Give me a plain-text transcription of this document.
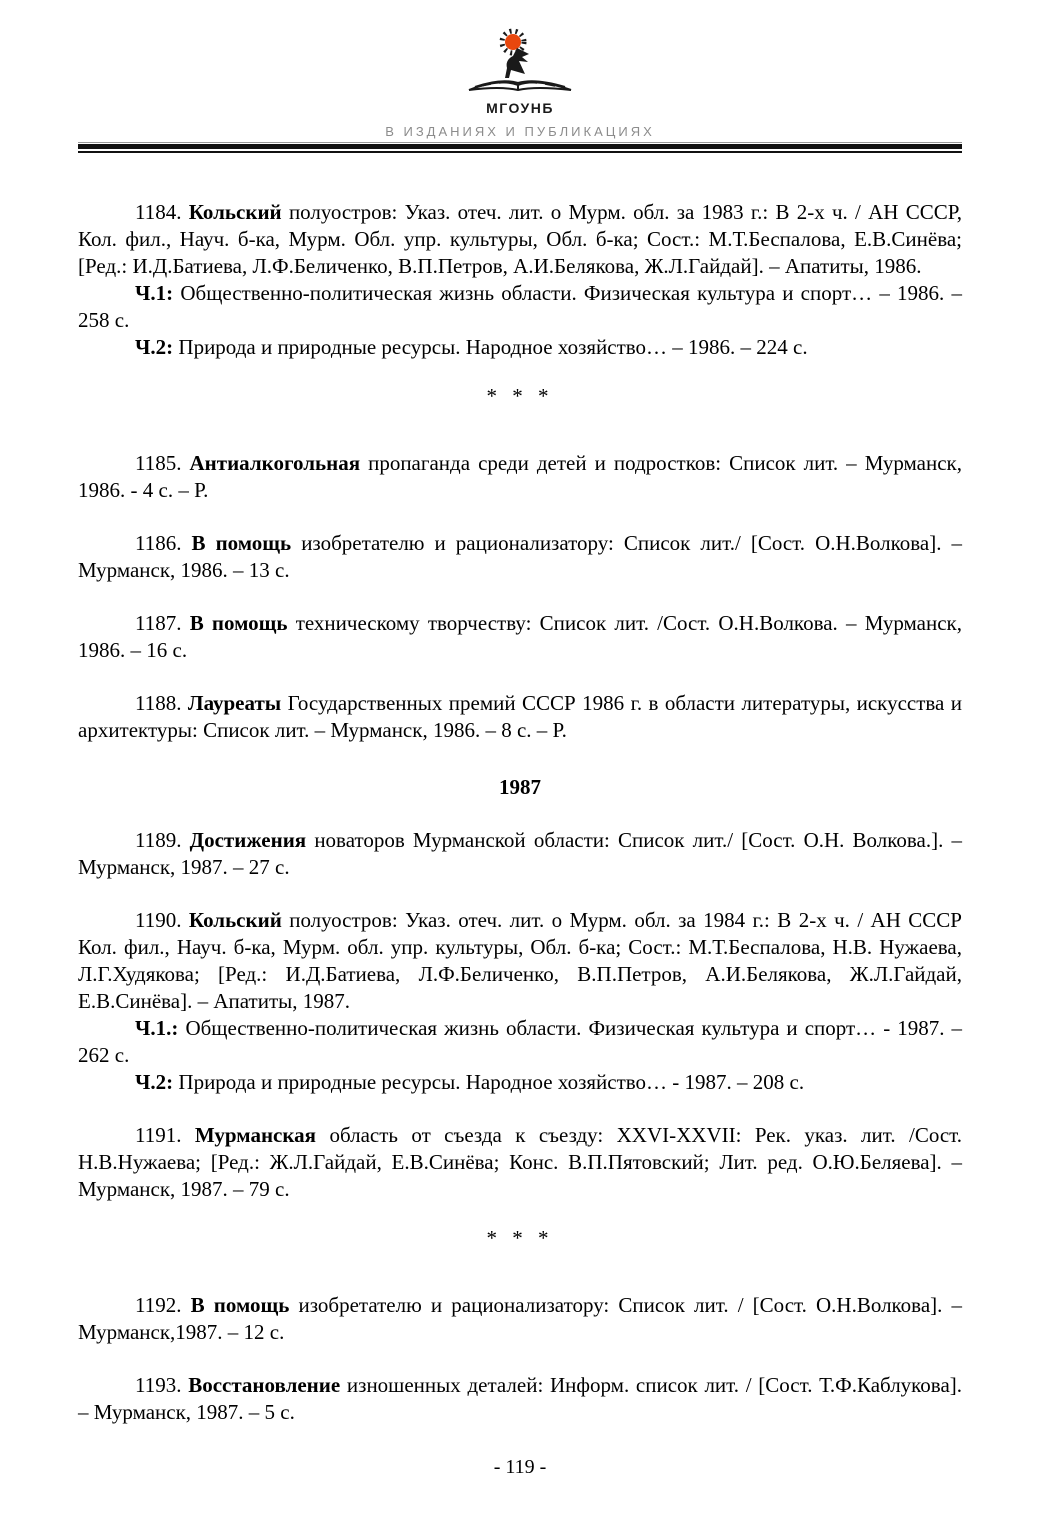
МГОУНБ
В ИЗДАНИЯХ И ПУБЛИКАЦИЯХ

1184. Кольский полуостров: Указ. отеч. лит. о Мурм. обл. за 1983 г.: В 2-х ч. / АН СССР, Кол. фил., Науч. б-ка, Мурм. Обл. упр. культуры, Обл. б-ка; Сост.: М.Т.Беспалова, Е.В.Синёва; [Ред.: И.Д.Батиева, Л.Ф.Беличенко, В.П.Петров, А.И.Белякова, Ж.Л.Гайдай]. – Апатиты, 1986.

Ч.1: Общественно-политическая жизнь области. Физическая культура и спорт… – 1986. – 258 с.

Ч.2: Природа и природные ресурсы. Народное хозяйство… – 1986. – 224 с.

* * *

1185. Антиалкогольная пропаганда среди детей и подростков: Список лит. – Мурманск, 1986. - 4 с. – Р.

1186. В помощь изобретателю и рационализатору: Список лит./ [Сост. О.Н.Волкова]. – Мурманск, 1986. – 13 с.

1187. В помощь техническому творчеству: Список лит. /Сост. О.Н.Волкова. – Мурманск, 1986. – 16 с.

1188. Лауреаты Государственных премий СССР 1986 г. в области литературы, искусства и архитектуры: Список лит. – Мурманск, 1986. – 8 с. – Р.

1987

1189. Достижения новаторов Мурманской области: Список лит./ [Сост. О.Н. Волкова.]. – Мурманск, 1987. – 27 с.

1190. Кольский полуостров: Указ. отеч. лит. о Мурм. обл. за 1984 г.: В 2-х ч. / АН СССР Кол. фил., Науч. б-ка, Мурм. обл. упр. культуры, Обл. б-ка; Сост.: М.Т.Беспалова, Н.В. Нужаева, Л.Г.Худякова; [Ред.: И.Д.Батиева, Л.Ф.Беличенко, В.П.Петров, А.И.Белякова, Ж.Л.Гайдай, Е.В.Синёва]. – Апатиты, 1987.

Ч.1.: Общественно-политическая жизнь области. Физическая культура и спорт… - 1987. – 262 с.

Ч.2: Природа и природные ресурсы. Народное хозяйство… - 1987. – 208 с.

1191. Мурманская область от съезда к съезду: XXVI-XXVII: Рек. указ. лит. /Сост. Н.В.Нужаева; [Ред.: Ж.Л.Гайдай, Е.В.Синёва; Конс. В.П.Пятовский; Лит. ред. О.Ю.Беляева]. – Мурманск, 1987. – 79 с.

* * *

1192. В помощь изобретателю и рационализатору: Список лит. / [Сост. О.Н.Волкова]. – Мурманск,1987. – 12 с.

1193. Восстановление изношенных деталей: Информ. список лит. / [Сост. Т.Ф.Каблукова]. – Мурманск, 1987. – 5 с.

- 119 -
